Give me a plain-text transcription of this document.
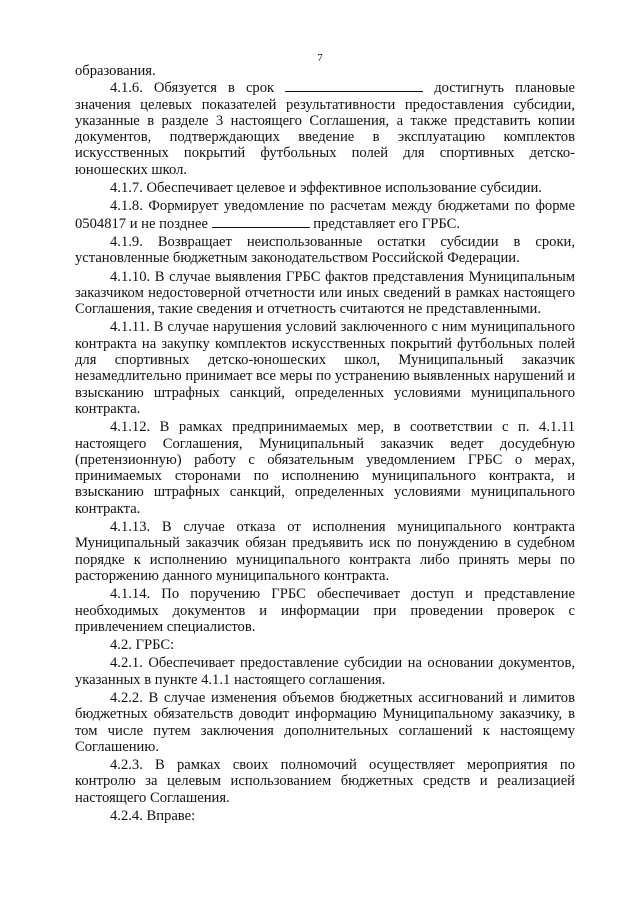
7

образования.

4.1.6. Обязуется в срок	достигнуть плановые значения целевых показателей результативности предоставления субсидии, указанные в разделе 3 настоящего Соглашения, а также представить копии документов, подтверждающих введение в эксплуатацию комплектов искусственных покрытий футбольных полей для спортивных детско-юношеских школ.

4.1.7. Обеспечивает целевое и эффективное использование субсидии.

4.1.8. Формирует уведомление по расчетам между бюджетами по форме 0504817 и не позднее	представляет его ГРБС.

4.1.9. Возвращает неиспользованные остатки субсидии в сроки, установленные бюджетным законодательством Российской Федерации.

4.1.10. В случае выявления ГРБС фактов представления Муниципальным заказчиком недостоверной отчетности или иных сведений в рамках настоящего Соглашения, такие сведения и отчетность считаются не представленными.

4.1.11. В случае нарушения условий заключенного с ним муниципального контракта на закупку комплектов искусственных покрытий футбольных полей для спортивных детско-юношеских школ, Муниципальный заказчик незамедлительно принимает все меры по устранению выявленных нарушений и взысканию штрафных санкций, определенных условиями муниципального контракта.

4.1.12. В рамках предпринимаемых мер, в соответствии с п. 4.1.11 настоящего Соглашения, Муниципальный заказчик ведет досудебную (претензионную) работу с обязательным уведомлением ГРБС о мерах, принимаемых сторонами по исполнению муниципального контракта, и взысканию штрафных санкций, определенных условиями муниципального контракта.

4.1.13. В случае отказа от исполнения муниципального контракта Муниципальный заказчик обязан предъявить иск по понуждению в судебном порядке к исполнению муниципального контракта либо принять меры по расторжению данного муниципального контракта.

4.1.14. По поручению ГРБС обеспечивает доступ и представление необходимых документов и информации при проведении проверок с привлечением специалистов.

4.2. ГРБС:

4.2.1. Обеспечивает предоставление субсидии на основании документов, указанных в пункте 4.1.1 настоящего соглашения.

4.2.2. В случае изменения объемов бюджетных ассигнований и лимитов бюджетных обязательств доводит информацию Муниципальному заказчику, в том числе путем заключения дополнительных соглашений к настоящему Соглашению.

4.2.3. В рамках своих полномочий осуществляет мероприятия по контролю за целевым использованием бюджетных средств и реализацией настоящего Соглашения.

4.2.4. Вправе:
